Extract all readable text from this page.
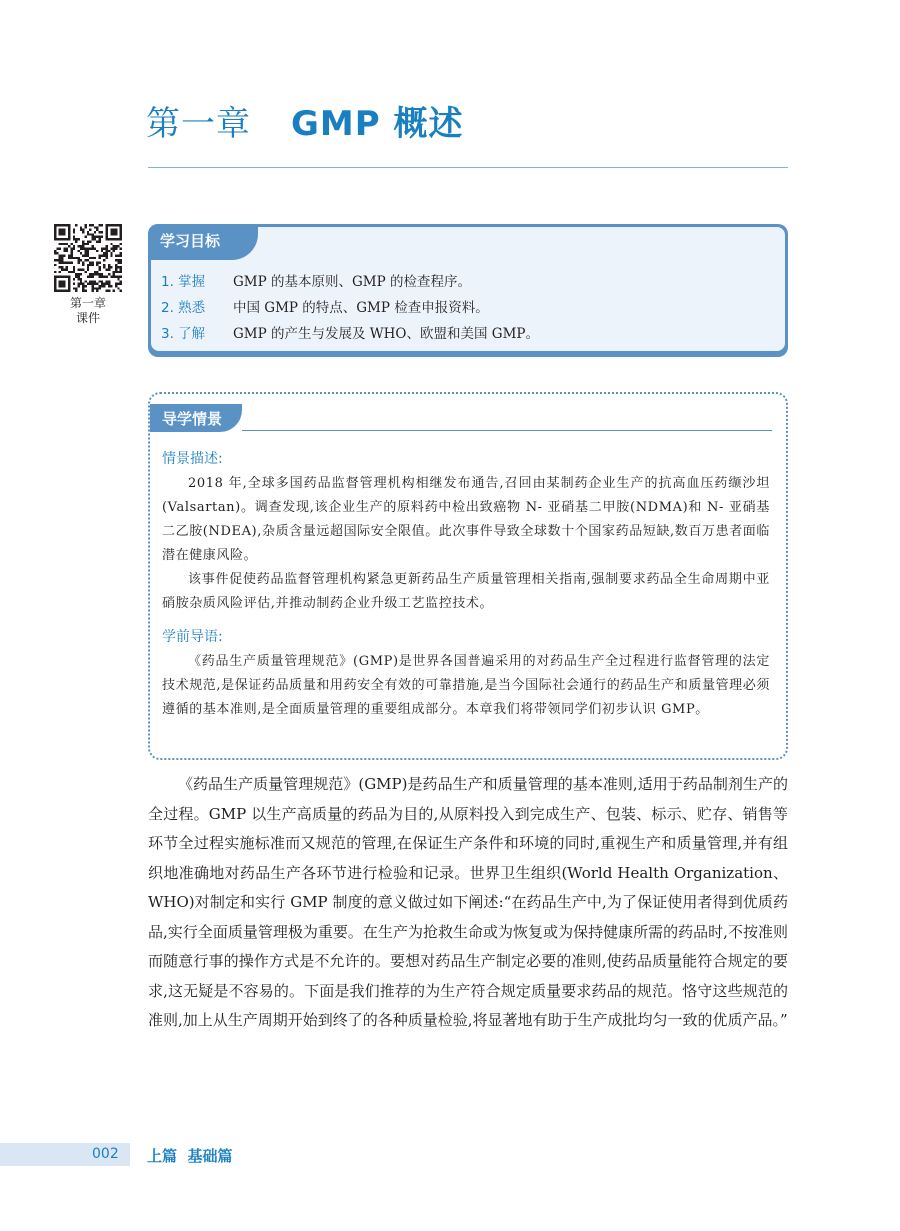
第一章 GMP 概述
第一章
课件
学习目标
1. 掌握 GMP 的基本原则、GMP 的检查程序。
2. 熟悉 中国 GMP 的特点、GMP 检查申报资料。
3. 了解 GMP 的产生与发展及 WHO、欧盟和美国 GMP。
导学情景
情景描述:

2018 年,全球多国药品监督管理机构相继发布通告,召回由某制药企业生产的抗高血压药缬沙坦(Valsartan)。调查发现,该企业生产的原料药中检出致癌物 N- 亚硝基二甲胺(NDMA)和 N- 亚硝基二乙胺(NDEA),杂质含量远超国际安全限值。此次事件导致全球数十个国家药品短缺,数百万患者面临潜在健康风险。

该事件促使药品监督管理机构紧急更新药品生产质量管理相关指南,强制要求药品全生命周期中亚硝胺杂质风险评估,并推动制药企业升级工艺监控技术。

学前导语:

《药品生产质量管理规范》(GMP)是世界各国普遍采用的对药品生产全过程进行监督管理的法定技术规范,是保证药品质量和用药安全有效的可靠措施,是当今国际社会通行的药品生产和质量管理必须遵循的基本准则,是全面质量管理的重要组成部分。本章我们将带领同学们初步认识 GMP。

《药品生产质量管理规范》(GMP)是药品生产和质量管理的基本准则,适用于药品制剂生产的全过程。GMP 以生产高质量的药品为目的,从原料投入到完成生产、包装、标示、贮存、销售等环节全过程实施标准而又规范的管理,在保证生产条件和环境的同时,重视生产和质量管理,并有组织地准确地对药品生产各环节进行检验和记录。世界卫生组织(World Health Organization、WHO)对制定和实行 GMP 制度的意义做过如下阐述:“在药品生产中,为了保证使用者得到优质药品,实行全面质量管理极为重要。在生产为抢救生命或为恢复或为保持健康所需的药品时,不按准则而随意行事的操作方式是不允许的。要想对药品生产制定必要的准则,使药品质量能符合规定的要求,这无疑是不容易的。下面是我们推荐的为生产符合规定质量要求药品的规范。恪守这些规范的准则,加上从生产周期开始到终了的各种质量检验,将显著地有助于生产成批均匀一致的优质产品。”

002 上篇 基础篇
